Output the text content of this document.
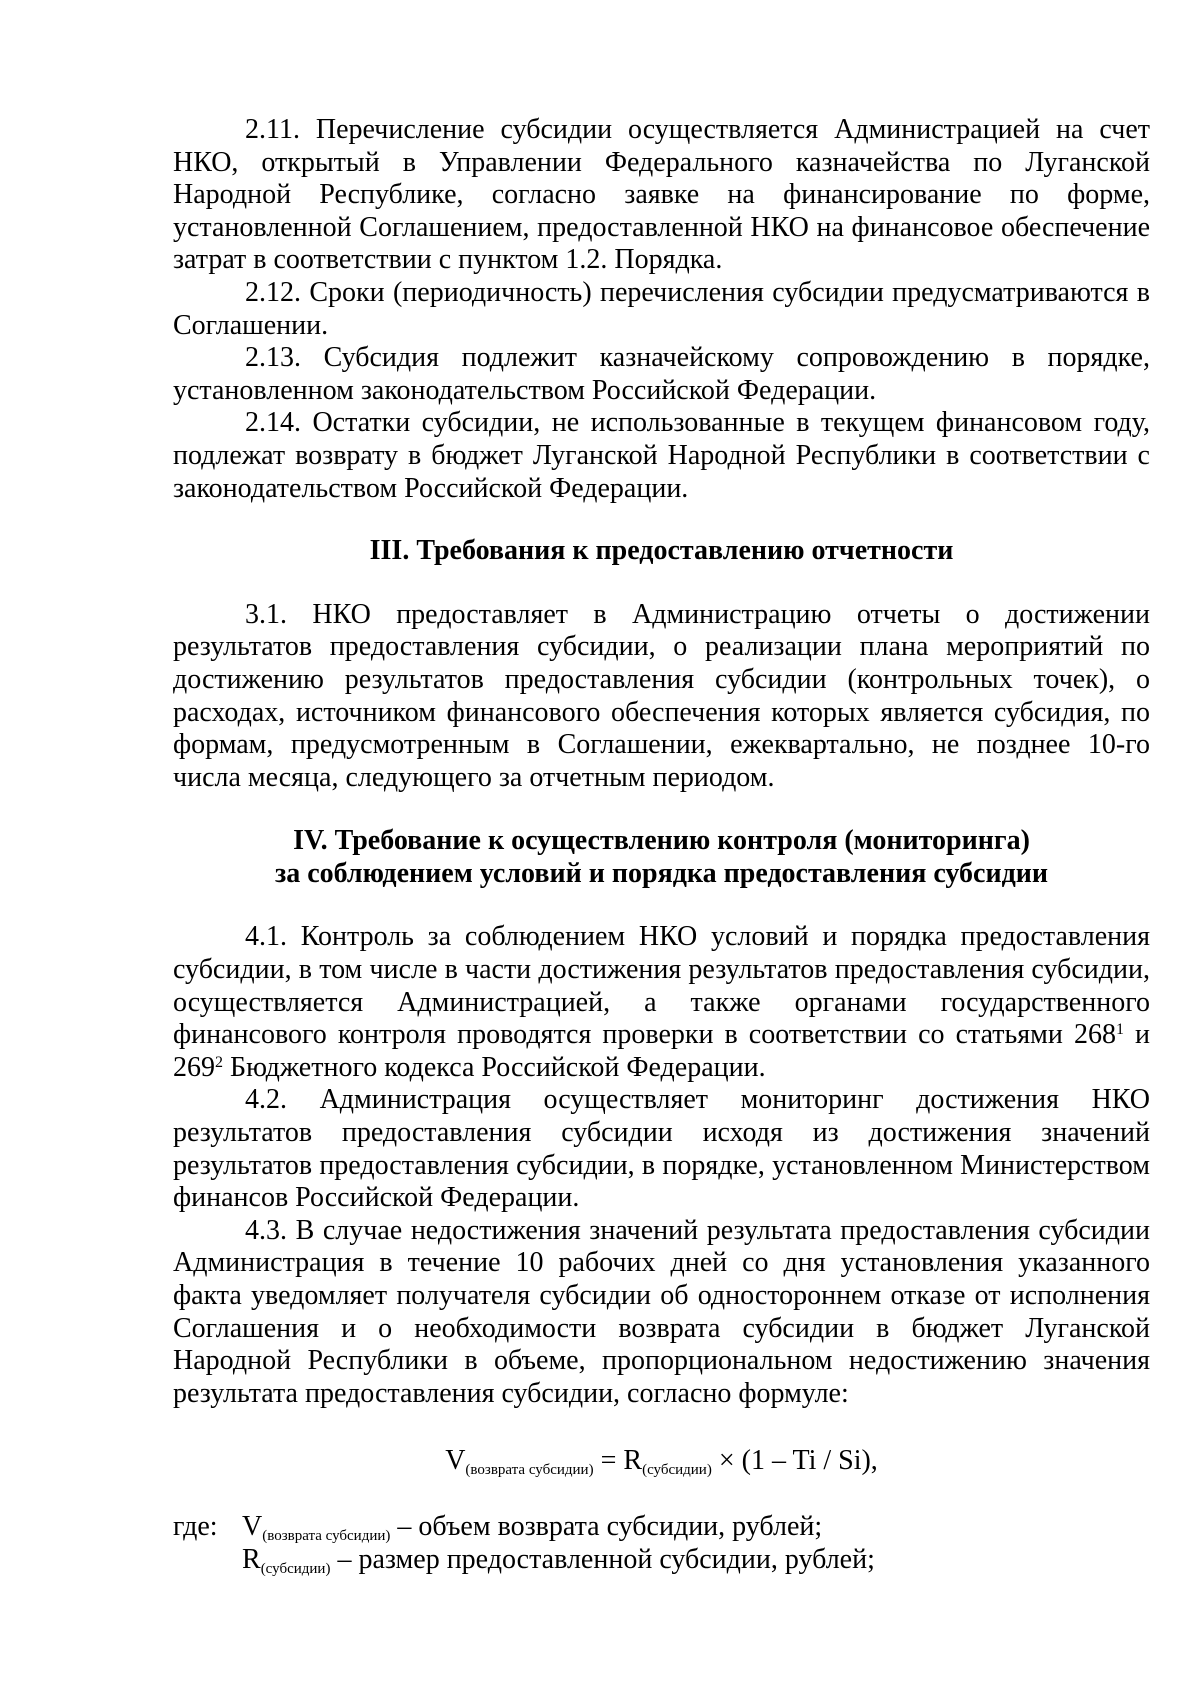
2.11. Перечисление субсидии осуществляется Администрацией на счет НКО, открытый в Управлении Федерального казначейства по Луганской Народной Республике, согласно заявке на финансирование по форме, установленной Соглашением, предоставленной НКО на финансовое обеспечение затрат в соответствии с пунктом 1.2. Порядка.

2.12. Сроки (периодичность) перечисления субсидии предусматриваются в Соглашении.

2.13. Субсидия подлежит казначейскому сопровождению в порядке, установленном законодательством Российской Федерации.

2.14. Остатки субсидии, не использованные в текущем финансовом году, подлежат возврату в бюджет Луганской Народной Республики в соответствии с законодательством Российской Федерации.

III. Требования к предоставлению отчетности

3.1. НКО предоставляет в Администрацию отчеты о достижении результатов предоставления субсидии, о реализации плана мероприятий по достижению результатов предоставления субсидии (контрольных точек), о расходах, источником финансового обеспечения которых является субсидия, по формам, предусмотренным в Соглашении, ежеквартально, не позднее 10-го числа месяца, следующего за отчетным периодом.

IV. Требование к осуществлению контроля (мониторинга)
за соблюдением условий и порядка предоставления субсидии

4.1. Контроль за соблюдением НКО условий и порядка предоставления субсидии, в том числе в части достижения результатов предоставления субсидии, осуществляется Администрацией, а также органами государственного финансового контроля проводятся проверки в соответствии со статьями $268^1$ и $269^2$ Бюджетного кодекса Российской Федерации.

4.2. Администрация осуществляет мониторинг достижения НКО результатов предоставления субсидии исходя из достижения значений результатов предоставления субсидии, в порядке, установленном Министерством финансов Российской Федерации.

4.3. В случае недостижения значений результата предоставления субсидии Администрация в течение 10 рабочих дней со дня установления указанного факта уведомляет получателя субсидии об одностороннем отказе от исполнения Соглашения и о необходимости возврата субсидии в бюджет Луганской Народной Республики в объеме, пропорциональном недостижению значения результата предоставления субсидии, согласно формуле:

$V_{(возврата субсидии)} = R_{(субсидии)} \times (1 - Ti / Si)$,

где: $V_{(возврата субсидии)}$ – объем возврата субсидии, рублей;
$R_{(субсидии)}$ – размер предоставленной субсидии, рублей;
